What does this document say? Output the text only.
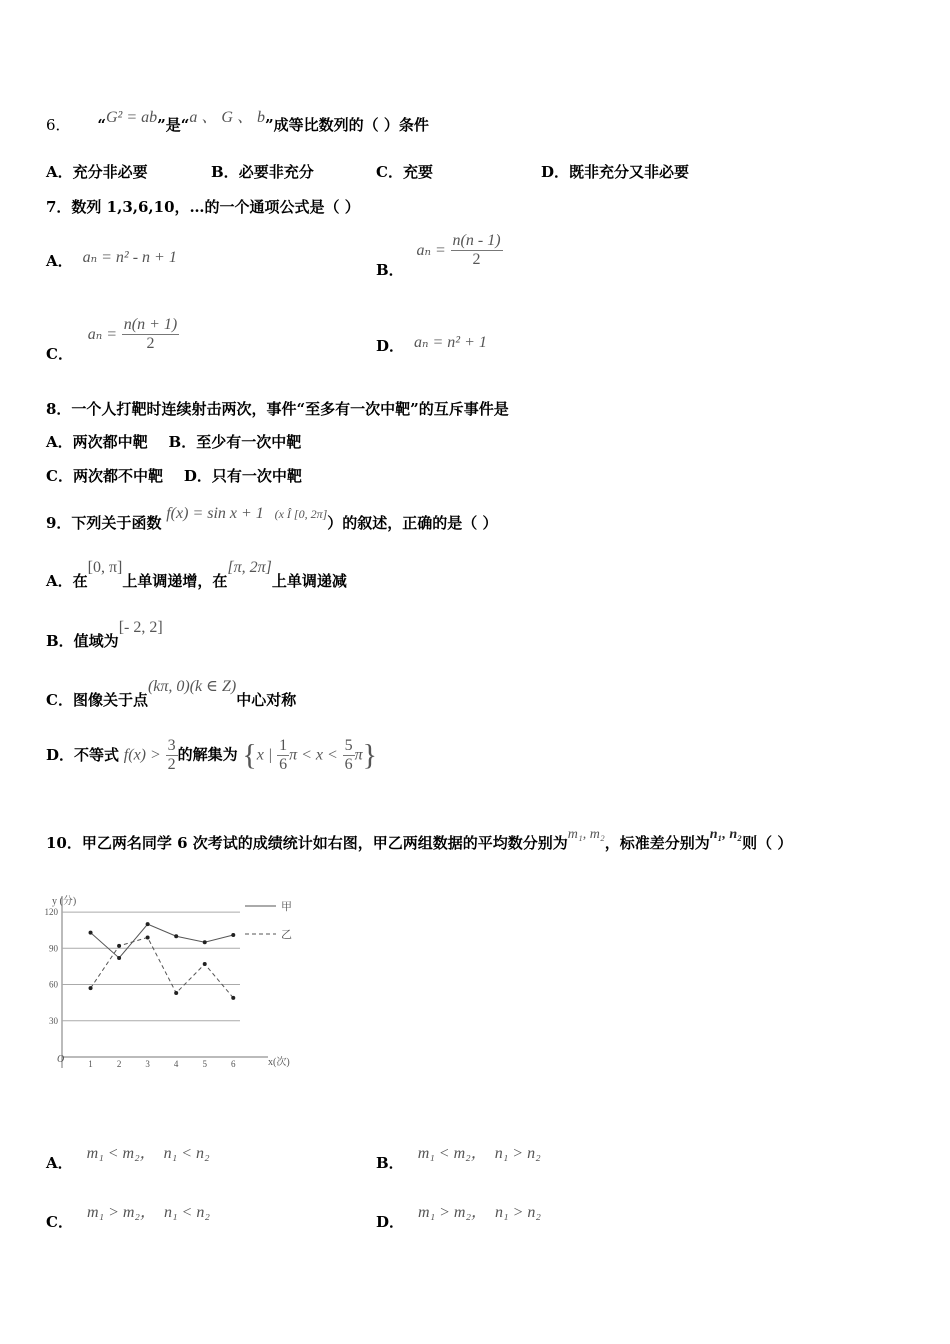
6． “G² = ab”是“a 、 G 、 b”成等比数列的（ ）条件
A．充分非必要	B．必要非充分	C．充要	D．既非充分又非必要
7．数列 1,3,6,10，…的一个通项公式是（ ）
A． aₙ = n² - n + 1
B． $a_n = \frac{n(n - 1)}{2}$
C． $a_n = \frac{n(n + 1)}{2}$	D． aₙ = n² + 1
8．一个人打靶时连续射击两次，事件“至多有一次中靶”的互斥事件是
A．两次都中靶    B．至少有一次中靶
C．两次都不中靶    D．只有一次中靶
9．下列关于函数 f(x) = sin x + 1 (x Î [0, 2π]）的叙述，正确的是（ ）
A．在[0, π]上单调递增，在[π, 2π]上单调递减
B．值域为[- 2, 2]
C．图像关于点(kπ, 0)(k ∈ Z)中心对称
D．不等式 $f(x) > \frac{3}{2}$ 的解集为 {x | $\frac{1}{6}$ $\pi < x < \frac{5}{6} \pi$}
10．甲乙两名同学 6 次考试的成绩统计如右图，甲乙两组数据的平均数分别为m₁, m₂，标准差分别为n₁, n₂则（ ）
y (分)
x(次)
O
30
60
90
120
1	2	3	4	5	6
甲
乙
A．m₁ < m₂，  n₁ < n₂
B．m₁ < m₂，  n₁ > n₂
C．m₁ > m₂，  n₁ < n₂
D．m₁ > m₂，  n₁ > n₂
